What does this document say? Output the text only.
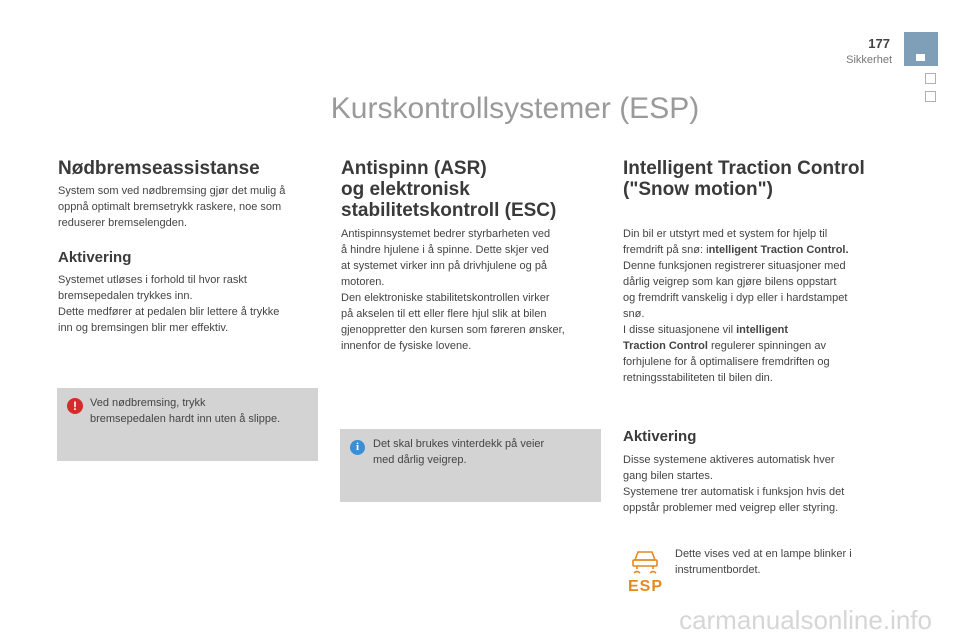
177
Sikkerhet
Kurskontrollsystemer (ESP)
Nødbremseassistanse

System som ved nødbremsing gjør det mulig å
oppnå optimalt bremsetrykk raskere, noe som
reduserer bremselengden.

Aktivering

Systemet utløses i forhold til hvor raskt
bremsepedalen trykkes inn.
Dette medfører at pedalen blir lettere å trykke
inn og bremsingen blir mer effektiv.

!	Ved nødbremsing, trykk
bremsepedalen hardt inn uten å slippe.
Antispinn (ASR)
og elektronisk
stabilitetskontroll (ESC)

Antispinnsystemet bedrer styrbarheten ved
å hindre hjulene i å spinne. Dette skjer ved
at systemet virker inn på drivhjulene og på
motoren.
Den elektroniske stabilitetskontrollen virker
på akselen til ett eller flere hjul slik at bilen
gjenoppretter den kursen som føreren ønsker,
innenfor de fysiske lovene.

i	Det skal brukes vinterdekk på veier
med dårlig veigrep.
Intelligent Traction Control
("Snow motion")

Din bil er utstyrt med et system for hjelp til
fremdrift på snø: intelligent Traction Control.
Denne funksjonen registrerer situasjoner med
dårlig veigrep som kan gjøre bilens oppstart
og fremdrift vanskelig i dyp eller i hardstampet
snø.
I disse situasjonene vil intelligent
Traction Control regulerer spinningen av
forhjulene for å optimalisere fremdriften og
retningsstabiliteten til bilen din.

Aktivering

Disse systemene aktiveres automatisk hver
gang bilen startes.
Systemene trer automatisk i funksjon hvis det
oppstår problemer med veigrep eller styring.

ESP

Dette vises ved at en lampe blinker i
instrumentbordet.

carmanualsonline.info
